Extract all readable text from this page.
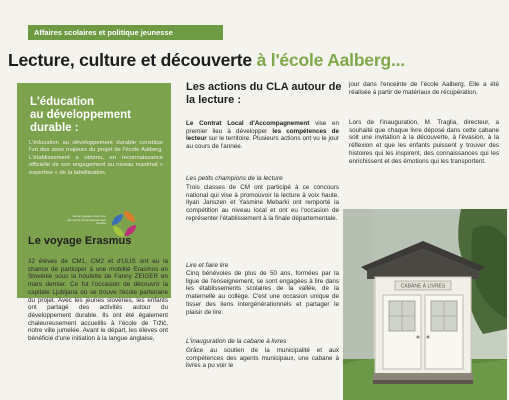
Affaires scolaires et politique jeunesse
Lecture, culture et découverte à l'école Aalberg...
L'éducation
au développement
durable :

L'éducation au développement durable constitue l'un des axes majeurs du projet de l'école Aalberg. L'établissement a obtenu, en reconnaissance officielle de son engagement au niveau maximal « expertise » de la labellisation.

Ecole engagée dans une démarche de développement durable
Le voyage Erasmus
32 élèves de CM1, CM2 et d'ULIS ont eu la chance de participer à une mobilité Erasmus en Slovénie sous la houlette de Fanny ZEIGER en mars dernier. Ce fut l'occasion de découvrir la capitale Ljubljana où se trouve l'école partenaire du projet. Avec les jeunes slovènes, les enfants ont partagé des activités autour du développement durable. Ils ont été également chaleureusement accueillis à l'école de Tržič, notre ville jumelée. Avant le départ, les élèves ont bénéficié d'une initiation à la langue anglaise,
Les actions du CLA autour de la lecture :
Le Contrat Local d'Accompagnement vise en premier lieu à développer les compétences de lecteur sur le territoire. Plusieurs actions ont vu le jour au cours de l'année.
Les petits champions de la lecture
Trois classes de CM ont participé à ce concours national qui vise à promouvoir la lecture à voix haute. Ilyan Janszen et Yasmine Mebarki ont remporté la compétition au niveau local et ont eu l'occasion de représenter l'établissement à la finale départementale.
Lire et faire lire
Cinq bénévoles de plus de 50 ans, formées par la ligue de l'enseignement, se sont engagées à lire dans les établissements scolaires de la vallée, de la maternelle au collège. C'est une occasion unique de tisser des liens intergénérationnels et partager le plaisir de lire.
L'inauguration de la cabane à livres
Grâce au soutien de la municipalité et aux compétences des agents municipaux, une cabane à livres a pu voir le
jour dans l'enceinte de l'école Aalberg. Elle a été réalisée à partir de matériaux de récupération.
Lors de l'inauguration, M. Traglia, directeur, a souhaité que chaque livre déposé dans cette cabane soit une invitation à la découverte, à l'évasion, à la réflexion et que les enfants puissent y trouver des histoires qui les inspirent, des connaissances qui les enrichissent et des émotions qui les transportent.
CABANE À LIVRES
